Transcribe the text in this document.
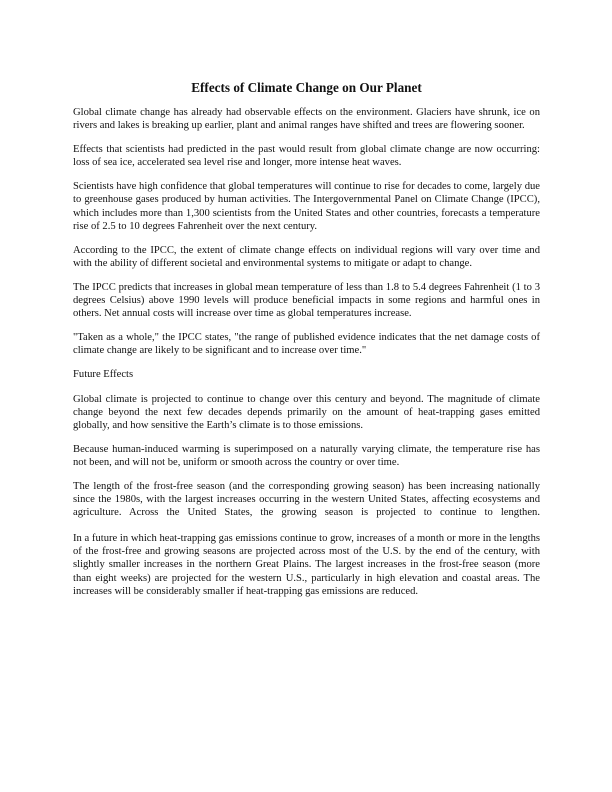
Effects of Climate Change on Our Planet

Global climate change has already had observable effects on the environment. Glaciers have shrunk, ice on rivers and lakes is breaking up earlier, plant and animal ranges have shifted and trees are flowering sooner.

Effects that scientists had predicted in the past would result from global climate change are now occurring: loss of sea ice, accelerated sea level rise and longer, more intense heat waves.

Scientists have high confidence that global temperatures will continue to rise for decades to come, largely due to greenhouse gases produced by human activities. The Intergovernmental Panel on Climate Change (IPCC), which includes more than 1,300 scientists from the United States and other countries, forecasts a temperature rise of 2.5 to 10 degrees Fahrenheit over the next century.

According to the IPCC, the extent of climate change effects on individual regions will vary over time and with the ability of different societal and environmental systems to mitigate or adapt to change.

The IPCC predicts that increases in global mean temperature of less than 1.8 to 5.4 degrees Fahrenheit (1 to 3 degrees Celsius) above 1990 levels will produce beneficial impacts in some regions and harmful ones in others. Net annual costs will increase over time as global temperatures increase.

"Taken as a whole," the IPCC states, "the range of published evidence indicates that the net damage costs of climate change are likely to be significant and to increase over time."

Future Effects

Global climate is projected to continue to change over this century and beyond. The magnitude of climate change beyond the next few decades depends primarily on the amount of heat-trapping gases emitted globally, and how sensitive the Earth’s climate is to those emissions.

Because human-induced warming is superimposed on a naturally varying climate, the temperature rise has not been, and will not be, uniform or smooth across the country or over time.

The length of the frost-free season (and the corresponding growing season) has been increasing nationally since the 1980s, with the largest increases occurring in the western United States, affecting ecosystems and agriculture. Across the United States, the growing season is projected to continue to lengthen.

In a future in which heat-trapping gas emissions continue to grow, increases of a month or more in the lengths of the frost-free and growing seasons are projected across most of the U.S. by the end of the century, with slightly smaller increases in the northern Great Plains. The largest increases in the frost-free season (more than eight weeks) are projected for the western U.S., particularly in high elevation and coastal areas. The increases will be considerably smaller if heat-trapping gas emissions are reduced.
